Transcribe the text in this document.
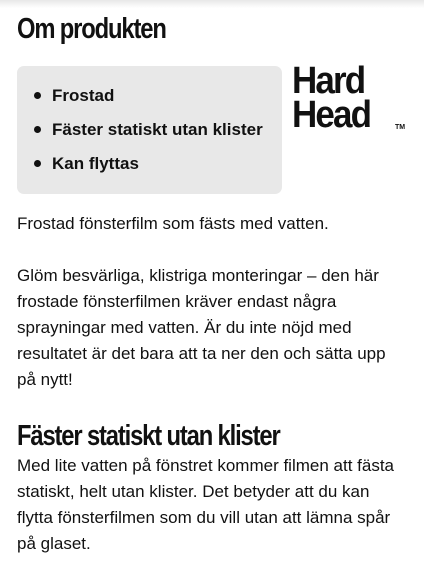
Om produkten
Frostad
Fäster statiskt utan klister
Kan flyttas
Hard
Head	TM

Frostad fönsterfilm som fästs med vatten.

Glöm besvärliga, klistriga monteringar – den här frostade fönsterfilmen kräver endast några sprayningar med vatten. Är du inte nöjd med resultatet är det bara att ta ner den och sätta upp på nytt!

Fäster statiskt utan klister

Med lite vatten på fönstret kommer filmen att fästa statiskt, helt utan klister. Det betyder att du kan flytta fönsterfilmen som du vill utan att lämna spår på glaset.
